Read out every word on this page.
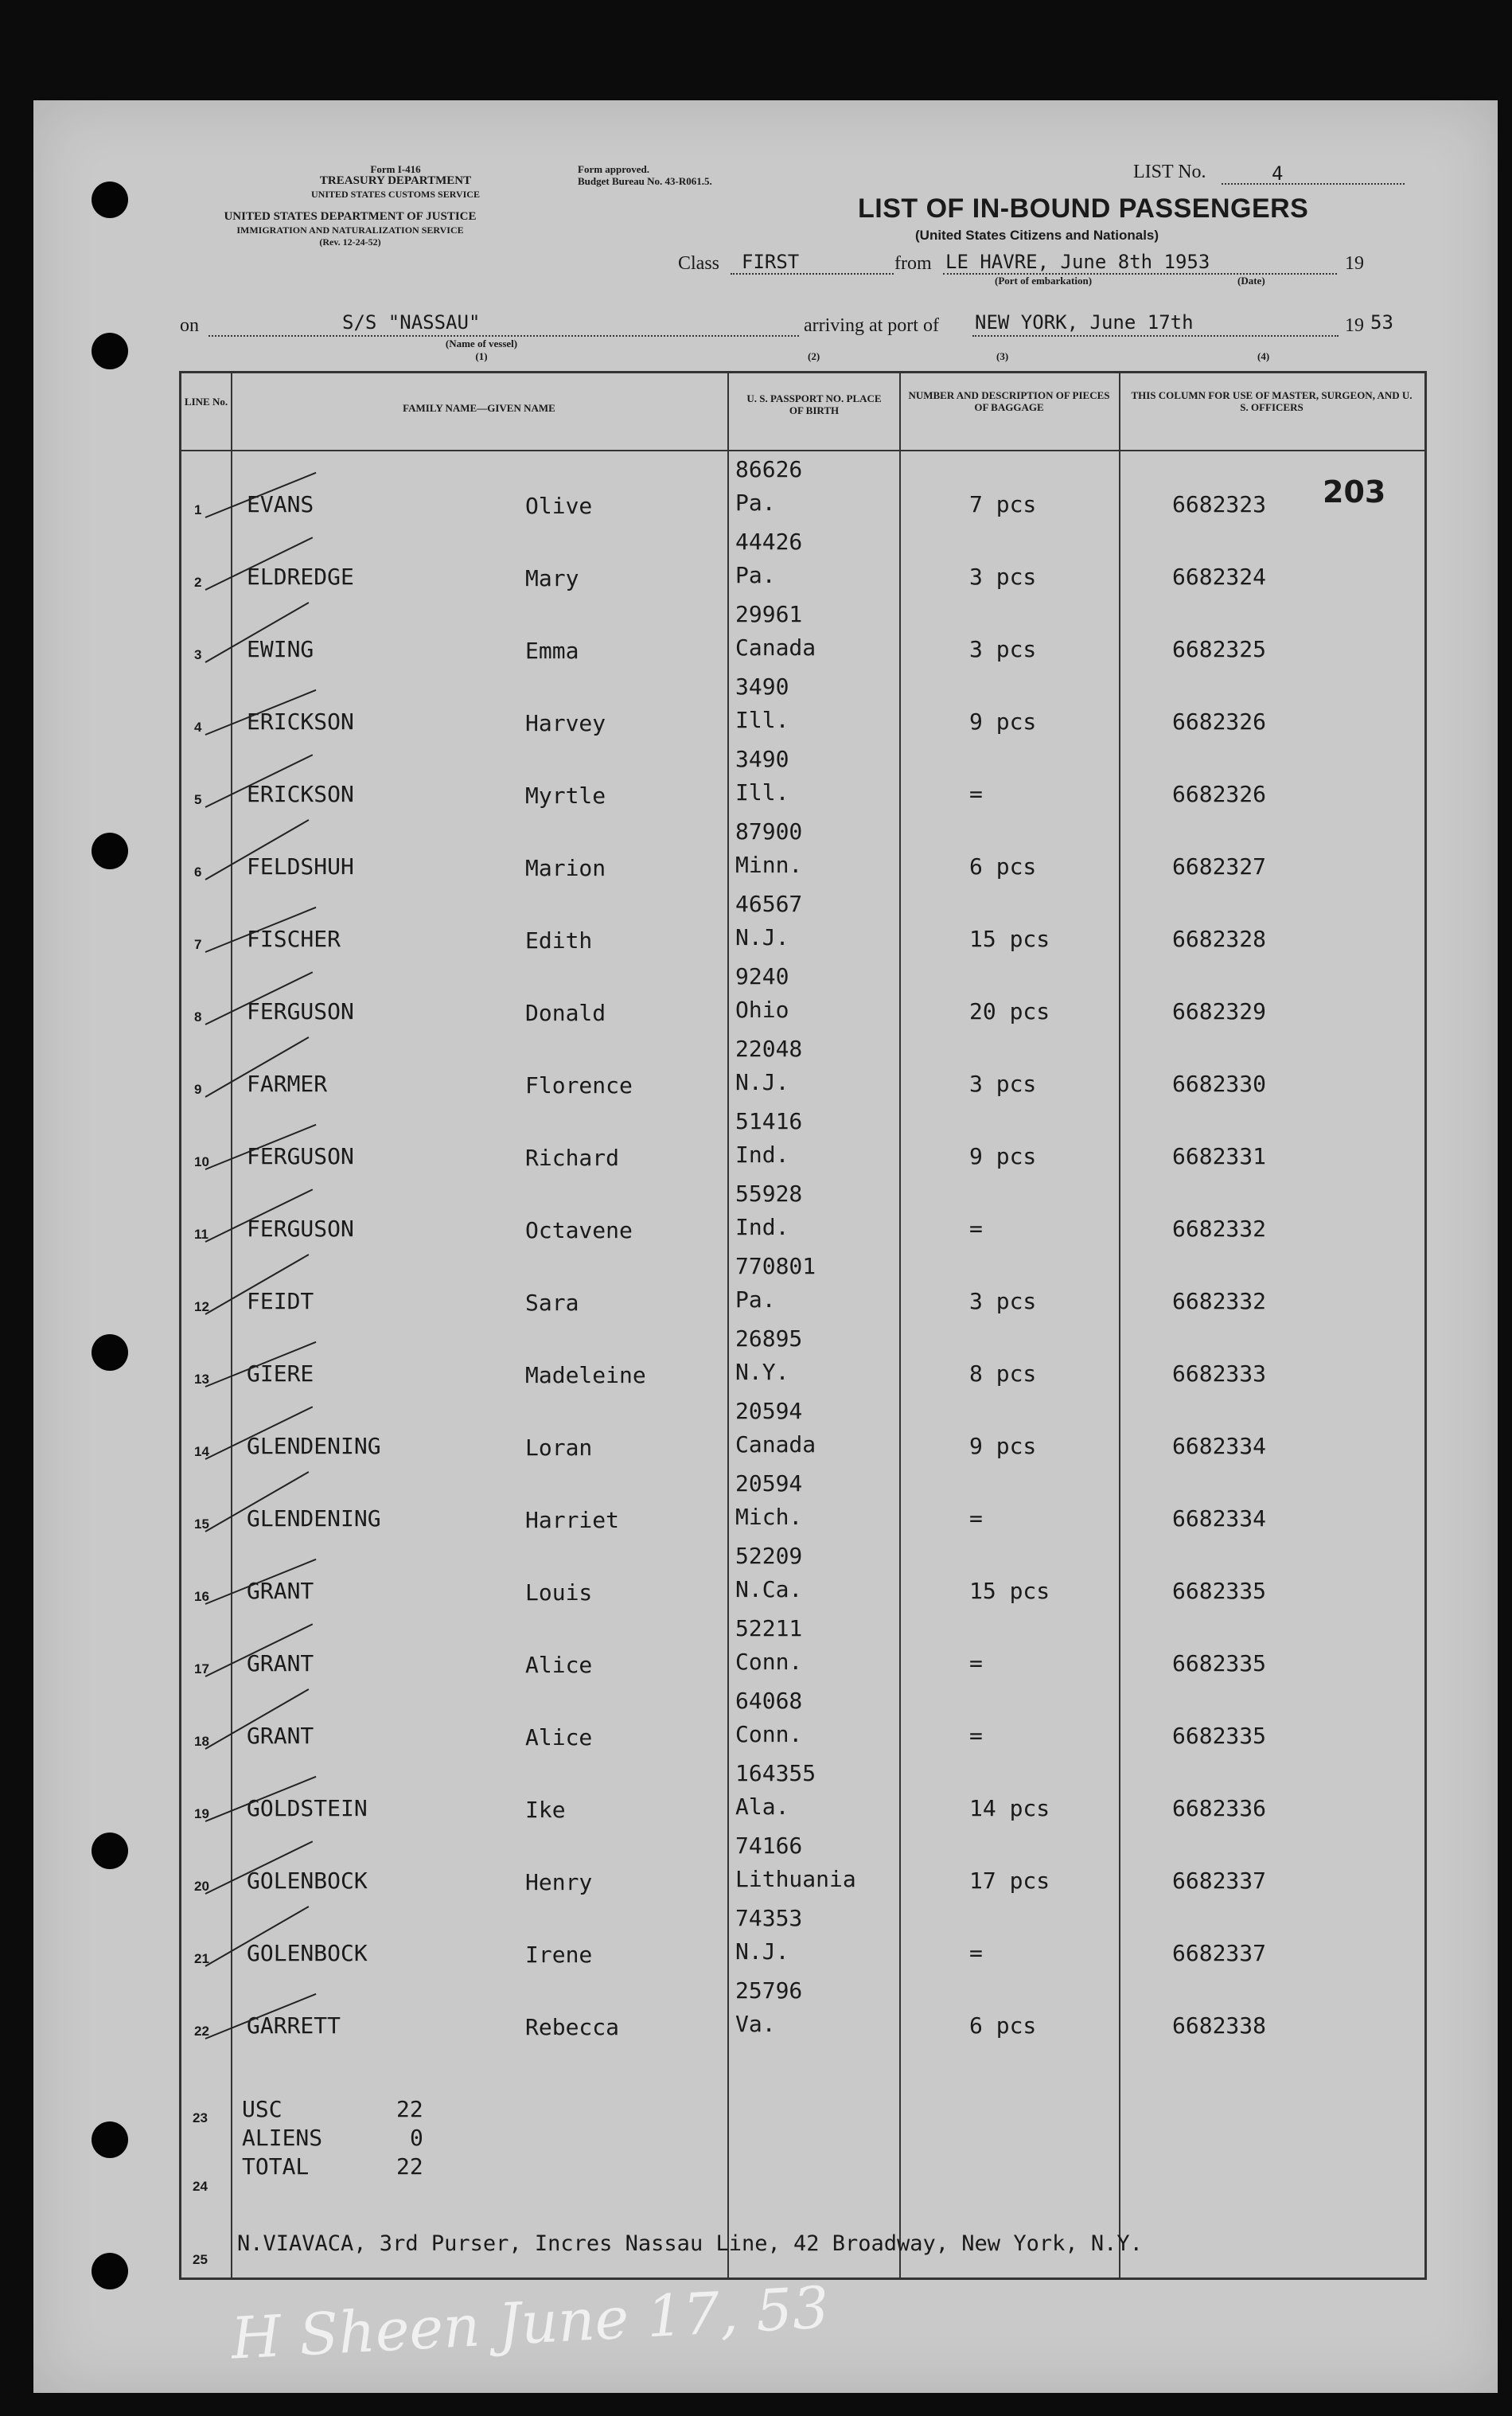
Form I-416
TREASURY DEPARTMENT
UNITED STATES CUSTOMS SERVICE
UNITED STATES DEPARTMENT OF JUSTICE
IMMIGRATION AND NATURALIZATION SERVICE
(Rev. 12-24-52)
Form approved.
Budget Bureau No. 43-R061.5.	LIST No.	4
LIST OF IN-BOUND PASSENGERS
(United States Citizens and Nationals)
Class FIRST	from LE HAVRE, June 8th 1953	19
(Port of embarkation)	(Date)
on	S/S "NASSAU"
(Name of vessel)
(1)
arriving at port of NEW YORK, June 17th	19 53
(2)	(3)	(4)
LINE No.
FAMILY NAME—GIVEN NAME
U. S. PASSPORT NO. PLACE OF BIRTH
NUMBER AND DESCRIPTION OF PIECES OF BAGGAGE
THIS COLUMN FOR USE OF MASTER, SURGEON, AND U. S. OFFICERS
1 EVANS	Olive
86626
Pa.	7 pcs	6682323
2 ELDREDGE	Mary
44426
Pa.	3 pcs	6682324
3 EWING	Emma
29961
Canada	3 pcs	6682325
4 ERICKSON	Harvey
3490
Ill.	9 pcs	6682326
5 ERICKSON	Myrtle
3490
Ill.	=	6682326
6 FELDSHUH	Marion
87900
Minn.	6 pcs	6682327
7 FISCHER	Edith
46567
N.J.	15 pcs	6682328
8 FERGUSON	Donald
9240
Ohio	20 pcs	6682329
9 FARMER	Florence
22048
N.J.	3 pcs	6682330
10 FERGUSON	Richard
51416
Ind.	9 pcs	6682331
11 FERGUSON	Octavene
55928
Ind.	=	6682332
12 FEIDT	Sara
770801
Pa.	3 pcs	6682332
13 GIERE	Madeleine
26895
N.Y.	8 pcs	6682333
14 GLENDENING	Loran
20594
Canada	9 pcs	6682334
15 GLENDENING	Harriet
20594
Mich.	=	6682334
16 GRANT	Louis
52209
N.Ca.	15 pcs	6682335
17 GRANT	Alice
52211
Conn.	=	6682335
18 GRANT	Alice
64068
Conn.	=	6682335
19 GOLDSTEIN	Ike
164355
Ala.	14 pcs	6682336
20 GOLENBOCK	Henry
74166
Lithuania	17 pcs	6682337
21 GOLENBOCK	Irene
74353
N.J.	=	6682337
22 GARRETT	Rebecca
25796
Va.	6 pcs	6682338
23
24
25
USC	22
ALIENS	0
TOTAL	22
N.VIAVACA, 3rd Purser, Incres Nassau Line, 42 Broadway, New York, N.Y.
203
H Sheen June 17, 53
